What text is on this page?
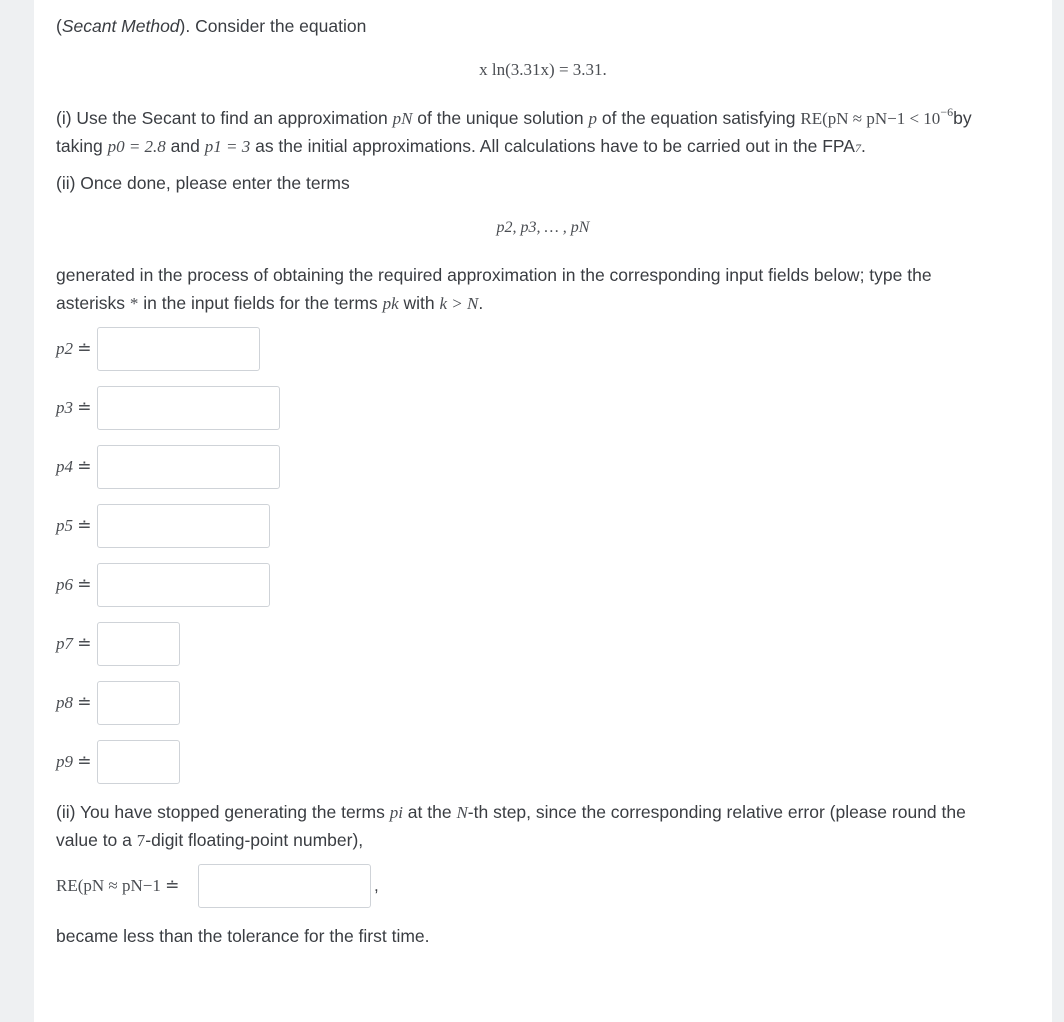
(Secant Method). Consider the equation
x ln(3.31x) = 3.31.
(i) Use the Secant to find an approximation pN of the unique solution p of the equation satisfying $RE(pN \approx pN-1 < 10^{-6}by$
taking p0 = 2.8 and p1 = 3 as the initial approximations. All calculations have to be carried out in the FPA7.
(ii) Once done, please enter the terms
p2, p3, … , pN
generated in the process of obtaining the required approximation in the corresponding input fields below; type the
asterisks * in the input fields for the terms pk with k > N.
p2 ≐
p3 ≐
p4 ≐
p5 ≐
p6 ≐
p7 ≐
p8 ≐
p9 ≐
(ii) You have stopped generating the terms pi at the N-th step, since the corresponding relative error (please round the
value to a 7-digit floating-point number),
RE(pN ≈ pN−1 ≐	,
became less than the tolerance for the first time.
